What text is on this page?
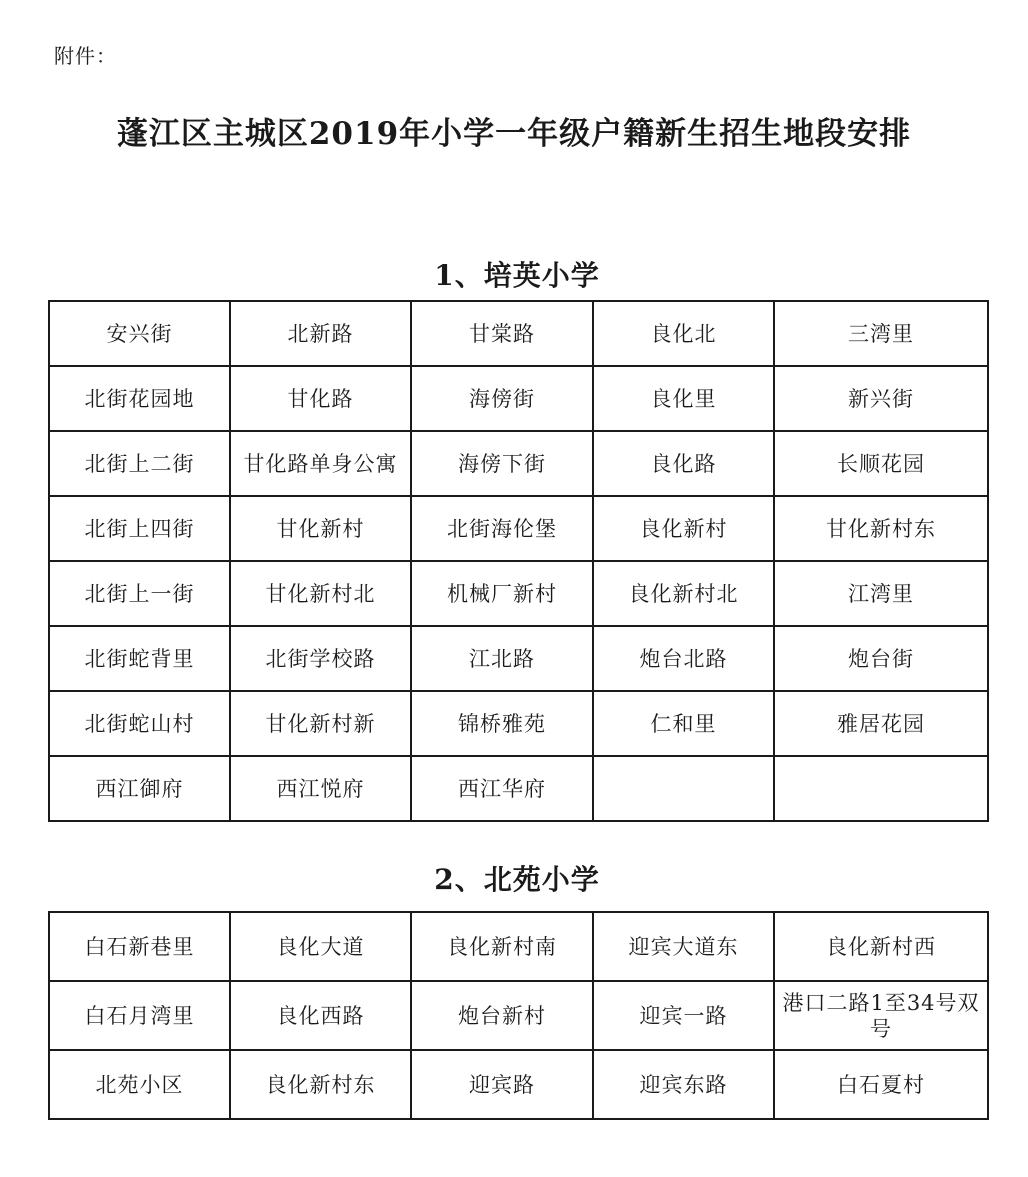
附件：
蓬江区主城区2019年小学一年级户籍新生招生地段安排
1、培英小学
安兴街	北新路	甘棠路	良化北	三湾里
北街花园地	甘化路	海傍街	良化里	新兴街
北街上二街	甘化路单身公寓	海傍下街	良化路	长顺花园
北街上四街	甘化新村	北街海伦堡	良化新村	甘化新村东
北街上一街	甘化新村北	机械厂新村	良化新村北	江湾里
北街蛇背里	北街学校路	江北路	炮台北路	炮台街
北街蛇山村	甘化新村新	锦桥雅苑	仁和里	雅居花园
西江御府	西江悦府	西江华府		
2、北苑小学
白石新巷里	良化大道	良化新村南	迎宾大道东	良化新村西
白石月湾里	良化西路	炮台新村	迎宾一路	港口二路1至34号双号
北苑小区	良化新村东	迎宾路	迎宾东路	白石夏村
